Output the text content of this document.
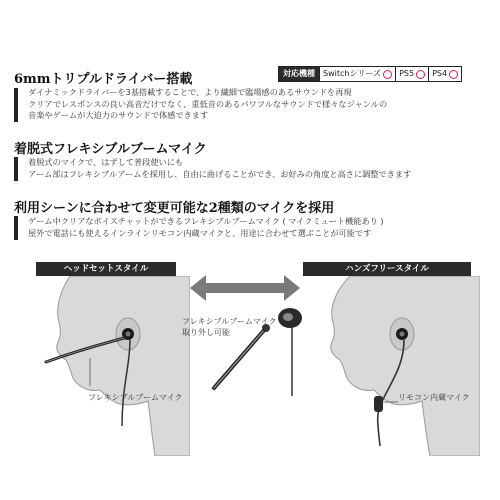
対応機種	Switchシリーズ PS5 PS4
6mmトリプルドライバー搭載
ダイナミックドライバーを3基搭載することで、より繊細で臨場感のあるサウンドを再現
クリアでレスポンスの良い高音だけでなく、重低音のあるパワフルなサウンドで様々なジャンルの
音楽やゲームが大迫力のサウンドで体感できます
着脱式フレキシブルブームマイク
着脱式のマイクで、はずして普段使いにも
アーム部はフレキシブルアームを採用し、自由に曲げることができ、お好みの角度と高さに調整できます
利用シーンに合わせて変更可能な2種類のマイクを採用
ゲーム中クリアなボイスチャットができるフレキシブルブームマイク ( マイクミュート機能あり )
屋外で電話にも使えるインラインリモコン内蔵マイクと、用途に合わせて選ぶことが可能です
ヘッドセットスタイル	ハンズフリースタイル
フレキシブルブームマイク
取り外し可能
フレキシブルブームマイク	リモコン内蔵マイク
